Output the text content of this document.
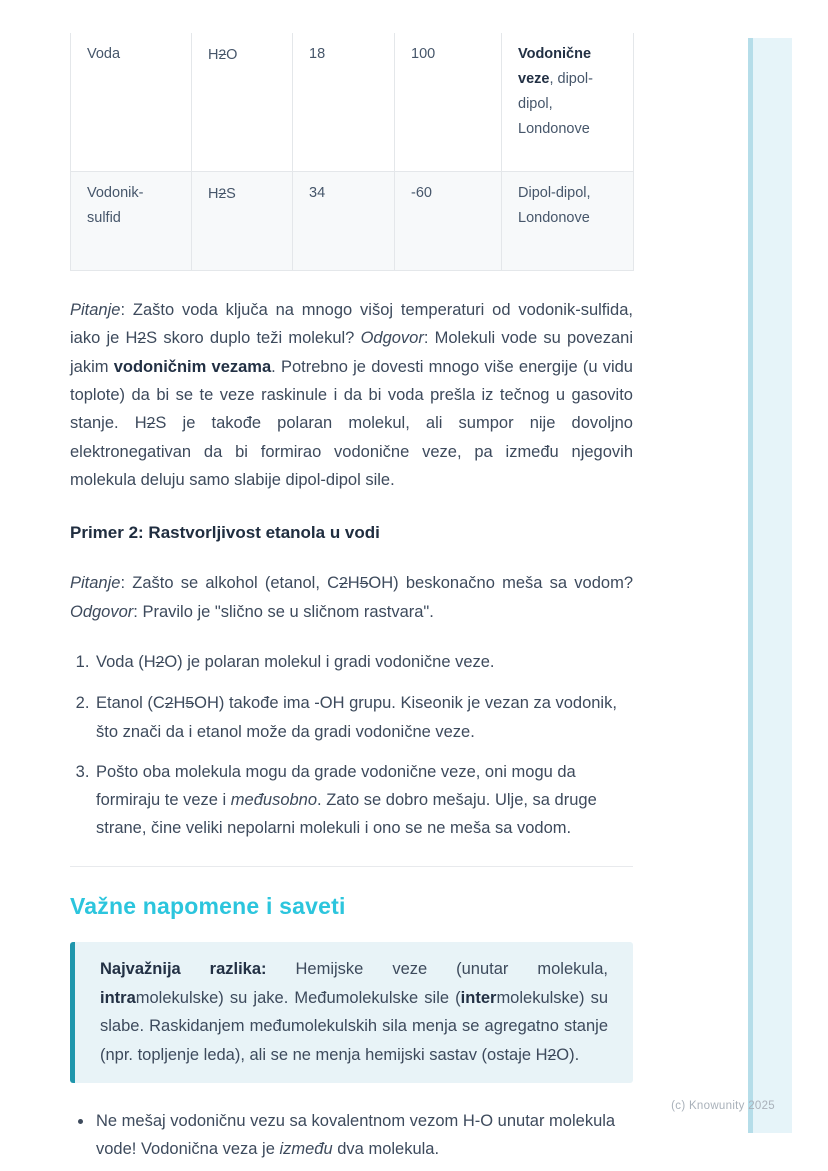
Voda	H2O	18	100	Vodonične veze, dipol-dipol, Londonove
Vodonik-sulfid	H2S	34	-60	Dipol-dipol, Londonove

Pitanje: Zašto voda ključa na mnogo višoj temperaturi od vodonik-sulfida, iako je H2S skoro duplo teži molekul? Odgovor: Molekuli vode su povezani jakim vodoničnim vezama. Potrebno je dovesti mnogo više energije (u vidu toplote) da bi se te veze raskinule i da bi voda prešla iz tečnog u gasovito stanje. H2S je takođe polaran molekul, ali sumpor nije dovoljno elektronegativan da bi formirao vodonične veze, pa između njegovih molekula deluju samo slabije dipol-dipol sile.

Primer 2: Rastvorljivost etanola u vodi

Pitanje: Zašto se alkohol (etanol, C2H5OH) beskonačno meša sa vodom? Odgovor: Pravilo je "slično se u sličnom rastvara".

1. Voda (H2O) je polaran molekul i gradi vodonične veze.
2. Etanol (C2H5OH) takođe ima -OH grupu. Kiseonik je vezan za vodonik, što znači da i etanol može da gradi vodonične veze.
3. Pošto oba molekula mogu da grade vodonične veze, oni mogu da formiraju te veze i međusobno. Zato se dobro mešaju. Ulje, sa druge strane, čine veliki nepolarni molekuli i ono se ne meša sa vodom.
Važne napomene i saveti

Najvažnija razlika: Hemijske veze (unutar molekula, intramolekulske) su jake. Međumolekulske sile (intermolekulske) su slabe. Raskidanjem međumolekulskih sila menja se agregatno stanje (npr. topljenje leda), ali se ne menja hemijski sastav (ostaje H2O).

• Ne mešaj vodoničnu vezu sa kovalentnom vezom H-O unutar molekula vode! Vodonična veza je između dva molekula.
(c) Knowunity 2025
